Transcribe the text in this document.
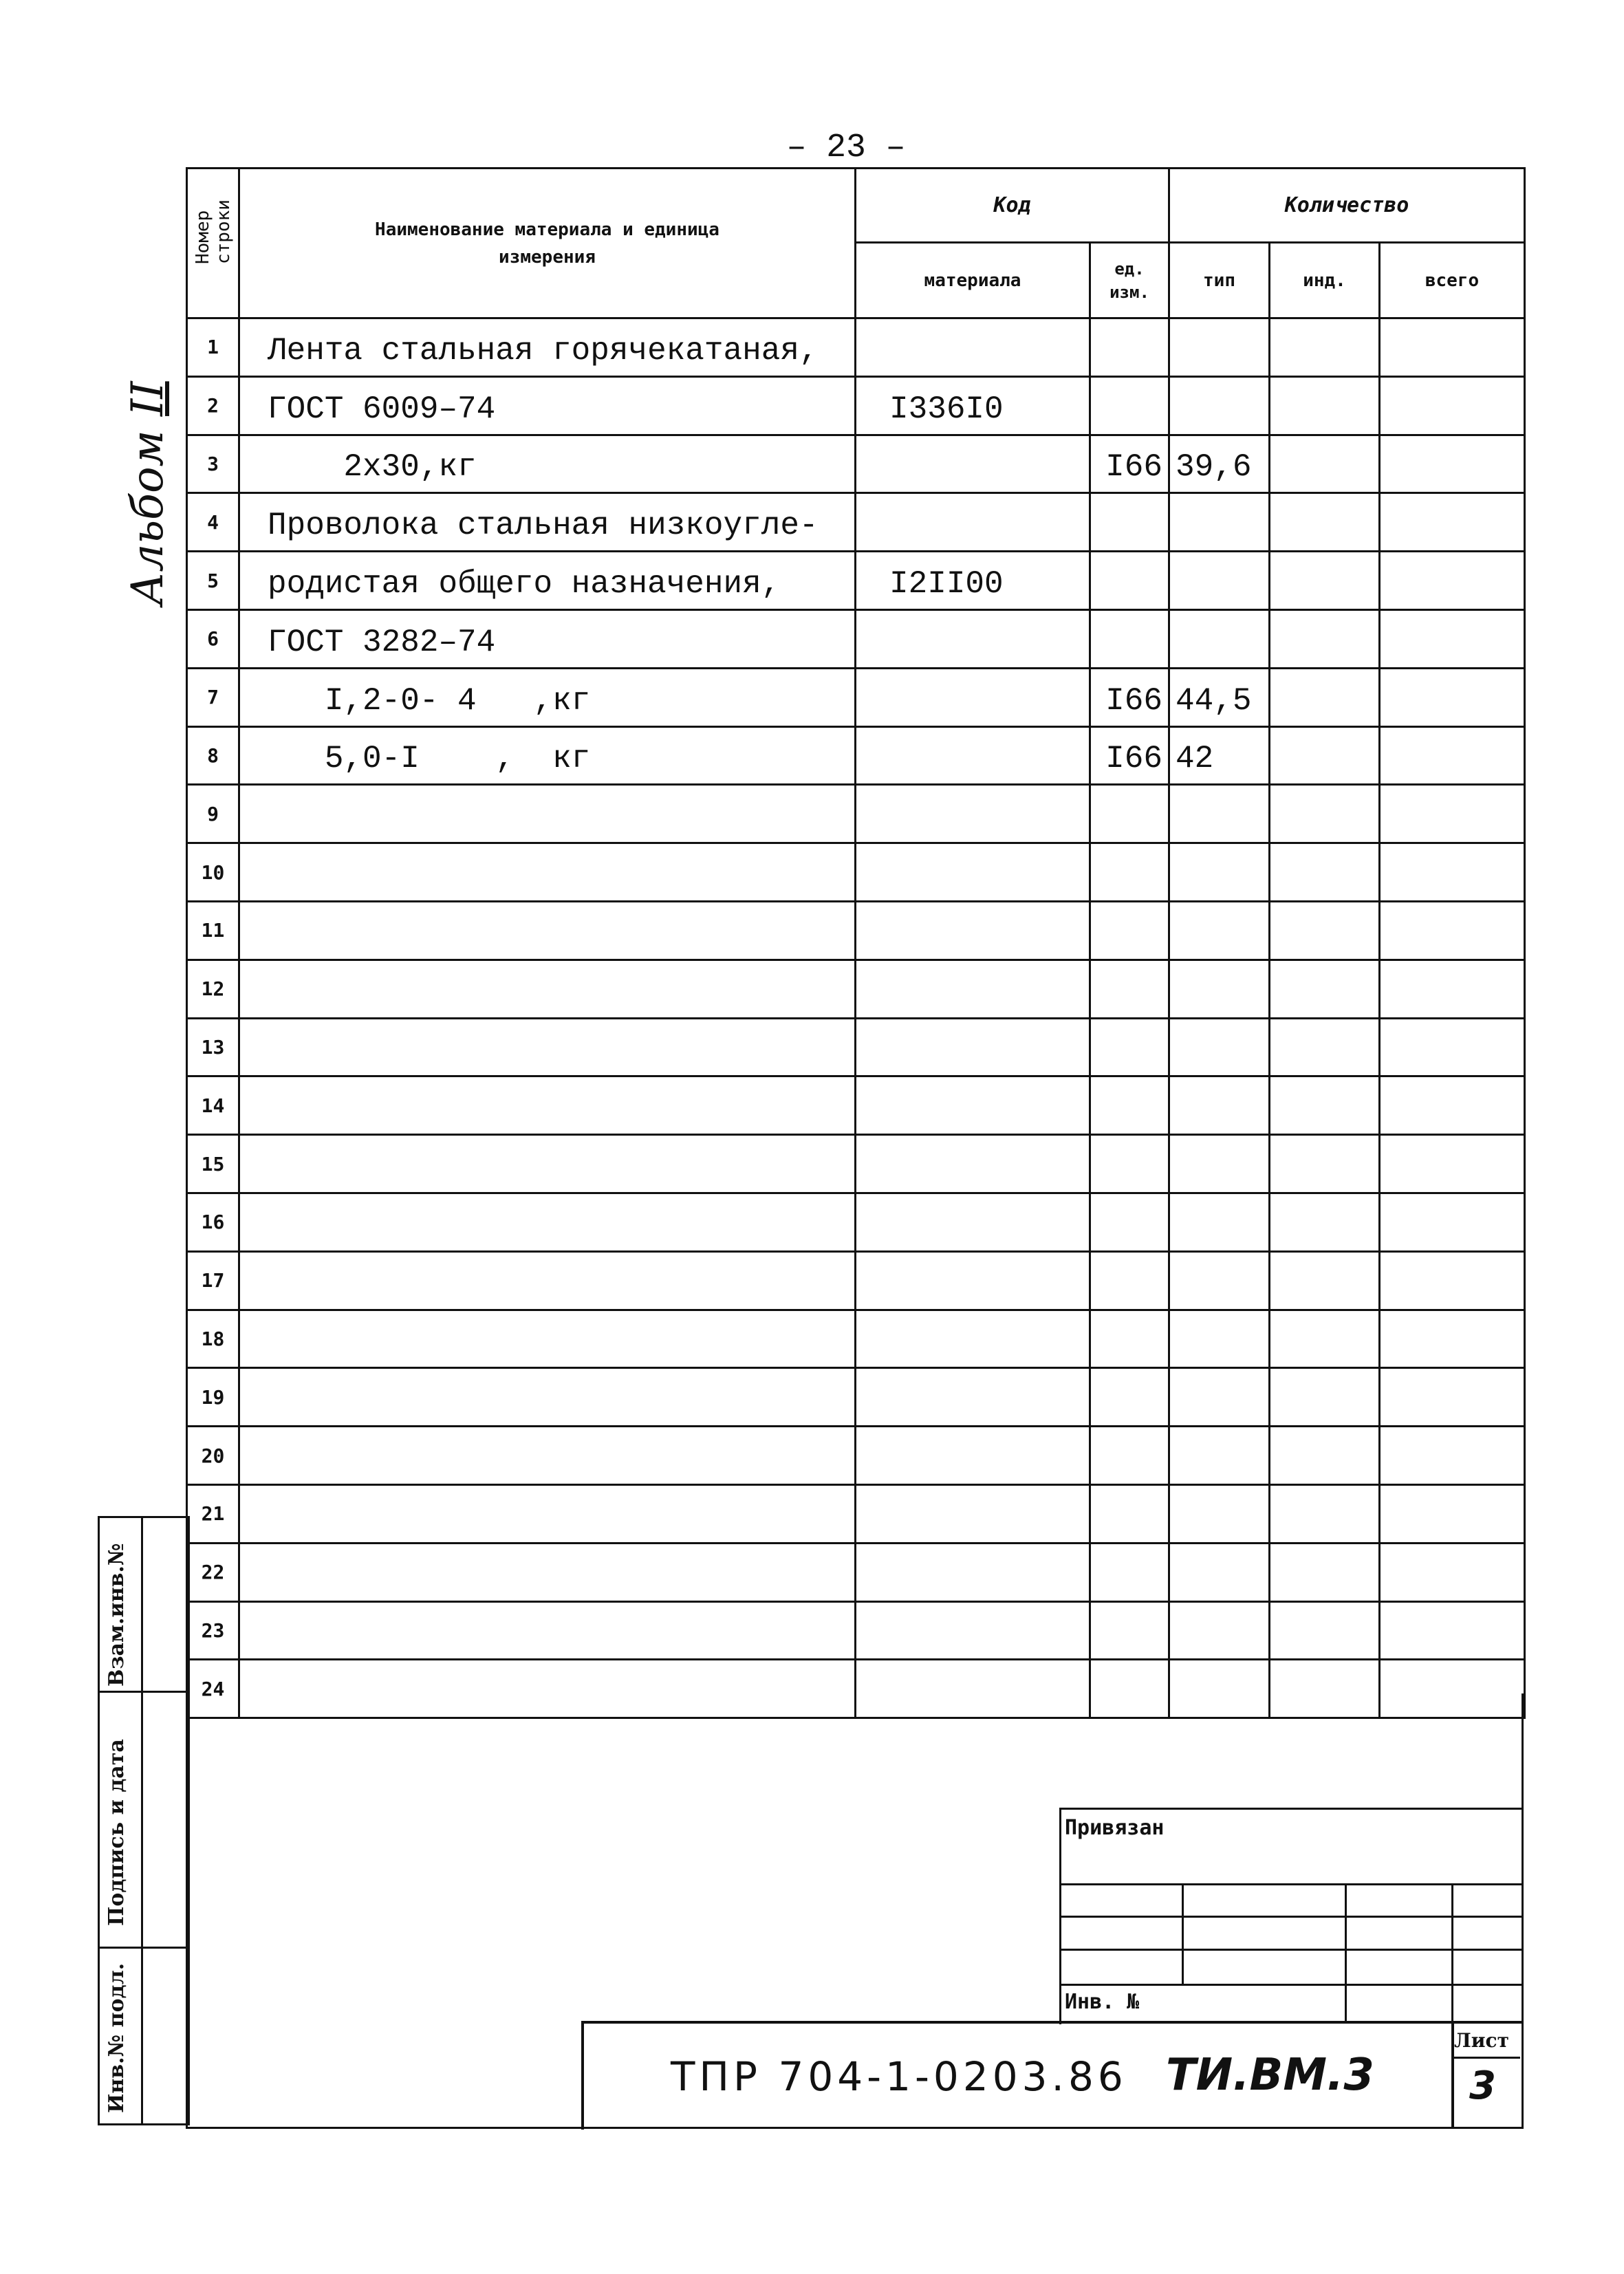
– 23 –
Альбом II
Номер строки	Наименование материала и единица измерения	Код		Количество		
		материала	ед. изм.	тип	инд.	всего
1	Лента стальная горячекатаная,					
2	ГОСТ 6009–74	I336I0				
3	2x30,кг		I66	39,6		
4	Проволока стальная низкоугле-					
5	родистая общего назначения,	I2II00				
6	ГОСТ 3282–74					
7	I,2-0- 4   ,кг		I66	44,5		
8	5,0-I    ,  кг		I66	42		
9						
10						
11						
12						
13						
14						
15						
16						
17						
18						
19						
20						
21						
22						
23						
24						
Взам.инв.№
Подпись и дата
Инв.№ подл.
Привязан
Инв. №
ТПР 704-1-0203.86 ТИ.ВМ.3
Лист
3
